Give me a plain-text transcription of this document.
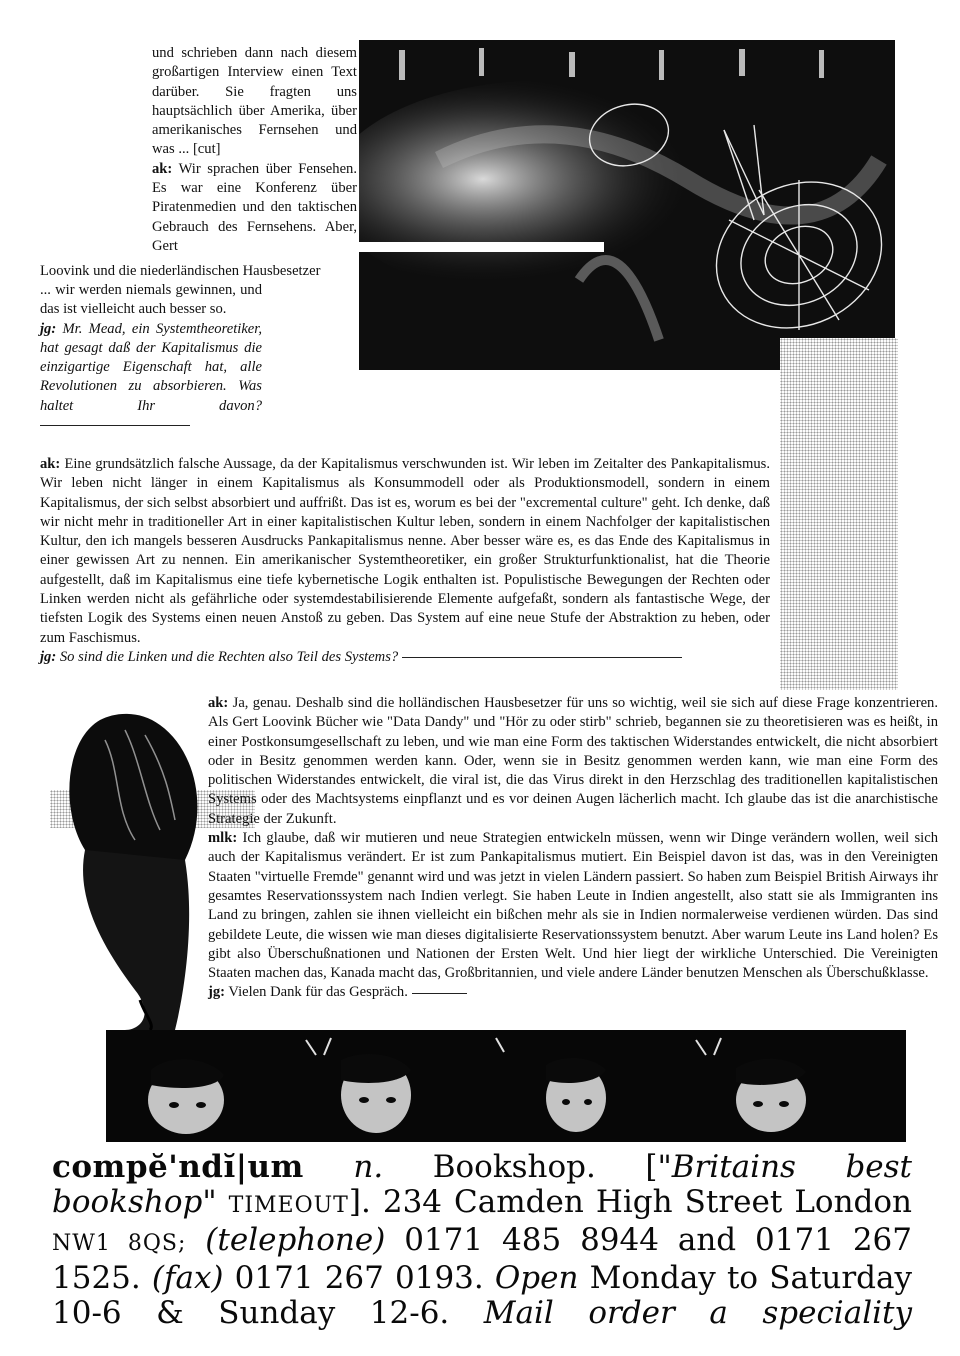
und schrieben dann nach diesem großartigen Interview einen Text darüber. Sie fragten uns hauptsächlich über Amerika, über amerikanisches Fernsehen und was ... [cut]
ak: Wir sprachen über Fensehen. Es war eine Konferenz über Piratenmedien und den taktischen Gebrauch des Fernsehens. Aber, Gert

Loovink und die niederländischen Hausbesetzer

... wir werden niemals gewinnen, und das ist vielleicht auch besser so.
jg: Mr. Mead, ein Systemtheoretiker, hat gesagt daß der Kapitalismus die einzigartige Eigenschaft hat, alle Revolutionen zu absorbieren. Was haltet Ihr davon?

ak: Eine grundsätzlich falsche Aussage, da der Kapitalismus verschwunden ist. Wir leben im Zeitalter des Pankapitalismus. Wir leben nicht länger in einem Kapitalismus als Konsummodell oder als Produktionsmodell, sondern in einem Kapitalismus, der sich selbst absorbiert und auffrißt. Das ist es, worum es bei der "excremental culture" geht. Ich denke, daß wir nicht mehr in traditioneller Art in einer kapitalistischen Kultur leben, sondern in einem Nachfolger der kapitalistischen Kultur, den ich mangels besseren Ausdrucks Pankapitalismus nenne. Aber besser wäre es, es das Ende des Kapitalismus in einer gewissen Art zu nennen. Ein amerikanischer Systemtheoretiker, ein großer Strukturfunktionalist, hat die Theorie aufgestellt, daß im Kapitalismus eine tiefe kybernetische Logik enthalten ist. Populistische Bewegungen der Rechten oder Linken werden nicht als gefährliche oder systemdestabilisierende Elemente aufgefaßt, sondern als fantastische Wege, der tiefsten Logik des Systems einen neuen Anstoß zu geben. Das System auf eine neue Stufe der Abstraktion zu heben, oder zum Faschismus.
jg: So sind die Linken und die Rechten also Teil des Systems?

ak: Ja, genau. Deshalb sind die holländischen Hausbesetzer für uns so wichtig, weil sie sich auf diese Frage konzentrieren. Als Gert Loovink Bücher wie "Data Dandy" und "Hör zu oder stirb" schrieb, begannen sie zu theoretisieren was es heißt, in einer Postkonsumgesellschaft zu leben, und wie man eine Form des taktischen Widerstandes entwickelt, die nicht absorbiert oder in Besitz genommen werden kann. Oder, wenn sie in Besitz genommen werden kann, wie man eine Form des politischen Widerstandes entwickelt, die viral ist, die das Virus direkt in den Herzschlag des traditionellen kapitalistischen Systems oder des Machtsystems einpflanzt und es vor deinen Augen lächerlich macht. Ich glaube das ist die anarchistische Strategie der Zukunft.
mlk: Ich glaube, daß wir mutieren und neue Strategien entwickeln müssen, wenn wir Dinge verändern wollen, weil sich auch der Kapitalismus verändert. Er ist zum Pankapitalismus mutiert. Ein Beispiel davon ist das, was in den Vereinigten Staaten "virtuelle Fremde" genannt wird und was jetzt in vielen Ländern passiert. So haben zum Beispiel British Airways ihr gesamtes Reservationssystem nach Indien verlegt. Sie haben Leute in Indien angestellt, also statt sie als Immigranten ins Land zu bringen, zahlen sie ihnen vielleicht ein bißchen mehr als sie in Indien normalerweise verdienen würden. Das sind gebildete Leute, die wissen wie man dieses digitalisierte Reservationssystem benutzt. Aber warum Leute ins Land holen? Es gibt also Überschußnationen und Nationen der Ersten Welt. Und hier liegt der wirkliche Unterschied. Die Vereinigten Staaten machen das, Kanada macht das, Großbritannien, und viele andere Länder benutzen Menschen als Überschußklasse.
jg: Vielen Dank für das Gespräch.

compĕ'ndĭ|um n. Bookshop. ["Britains best bookshop" TIMEOUT]. 234 Camden High Street London NW1 8QS; (telephone) 0171 485 8944 and 0171 267 1525. (fax) 0171 267 0193. Open Monday to Saturday 10-6 & Sunday 12-6. Mail order a speciality
